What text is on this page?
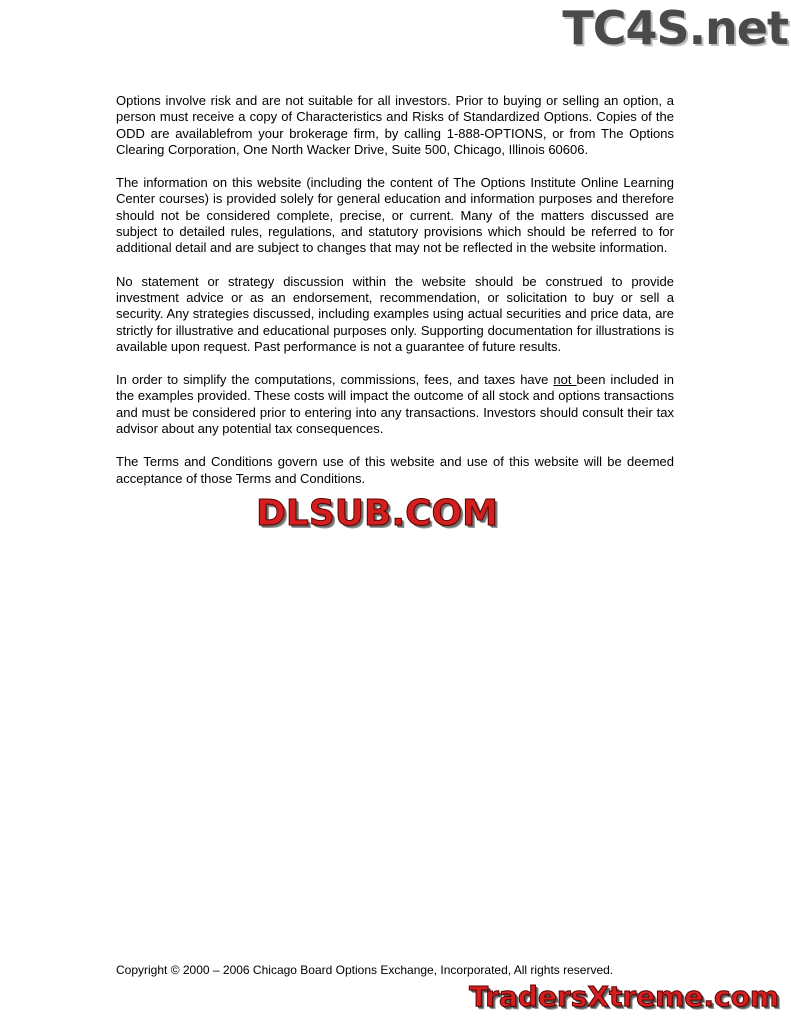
TC4S.net

Options involve risk and are not suitable for all investors. Prior to buying or selling an option, a person must receive a copy of Characteristics and Risks of Standardized Options. Copies of the ODD are availablefrom your brokerage firm, by calling 1-888-OPTIONS, or from The Options Clearing Corporation, One North Wacker Drive, Suite 500, Chicago, Illinois 60606.

The information on this website (including the content of The Options Institute Online Learning Center courses) is provided solely for general education and information purposes and therefore should not be considered complete, precise, or current. Many of the matters discussed are subject to detailed rules, regulations, and statutory provisions which should be referred to for additional detail and are subject to changes that may not be reflected in the website information.

No statement or strategy discussion within the website should be construed to provide investment advice or as an endorsement, recommendation, or solicitation to buy or sell a security. Any strategies discussed, including examples using actual securities and price data, are strictly for illustrative and educational purposes only. Supporting documentation for illustrations is available upon request. Past performance is not a guarantee of future results.

In order to simplify the computations, commissions, fees, and taxes have not been included in the examples provided. These costs will impact the outcome of all stock and options transactions and must be considered prior to entering into any transactions. Investors should consult their tax advisor about any potential tax consequences.

The Terms and Conditions govern use of this website and use of this website will be deemed acceptance of those Terms and Conditions.

DLSUB.COM
Copyright © 2000 – 2006 Chicago Board Options Exchange, Incorporated, All rights reserved.
TradersXtreme.com
